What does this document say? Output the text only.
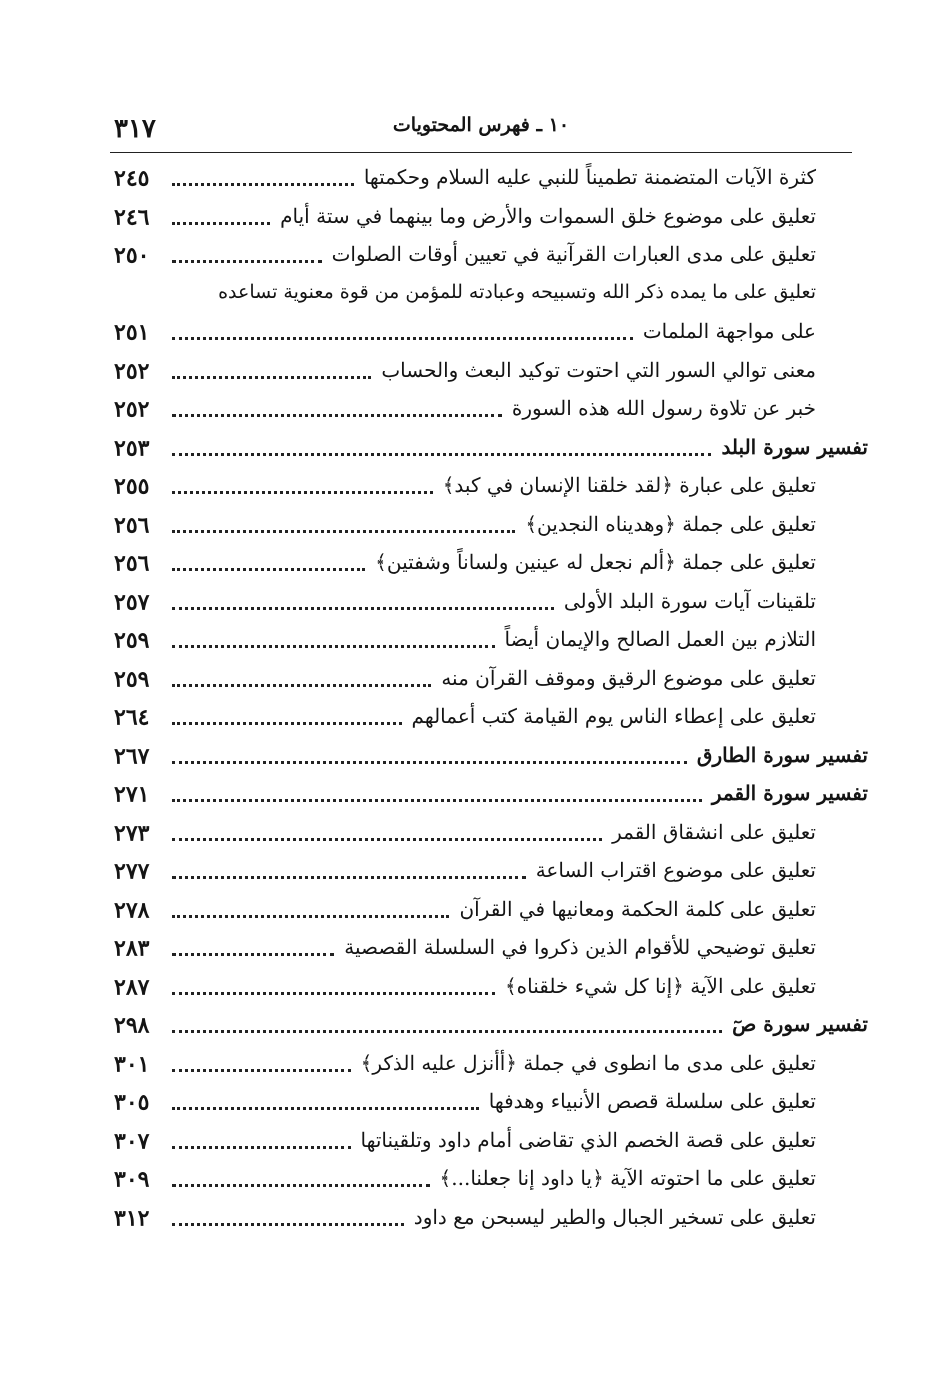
١٠ ـ فهرس المحتويات
٣١٧
كثرة الآيات المتضمنة تطميناً للنبي عليه السلام وحكمتها
٢٤٥
تعليق على موضوع خلق السموات والأرض وما بينهما في ستة أيام
٢٤٦
تعليق على مدى العبارات القرآنية في تعيين أوقات الصلوات
٢٥٠
تعليق على ما يمده ذكر الله وتسبيحه وعبادته للمؤمن من قوة معنوية تساعده
على مواجهة الملمات
٢٥١
معنى توالي السور التي احتوت توكيد البعث والحساب
٢٥٢
خبر عن تلاوة رسول الله هذه السورة
٢٥٢
تفسير سورة البلد
٢٥٣
تعليق على عبارة ﴿لقد خلقنا الإنسان في كبد﴾
٢٥٥
تعليق على جملة ﴿وهديناه النجدين﴾
٢٥٦
تعليق على جملة ﴿ألم نجعل له عينين ولساناً وشفتين﴾
٢٥٦
تلقينات آيات سورة البلد الأولى
٢٥٧
التلازم بين العمل الصالح والإيمان أيضاً
٢٥٩
تعليق على موضوع الرقيق وموقف القرآن منه
٢٥٩
تعليق على إعطاء الناس يوم القيامة كتب أعمالهم
٢٦٤
تفسير سورة الطارق
٢٦٧
تفسير سورة القمر
٢٧١
تعليق على انشقاق القمر
٢٧٣
تعليق على موضوع اقتراب الساعة
٢٧٧
تعليق على كلمة الحكمة ومعانيها في القرآن
٢٧٨
تعليق توضيحي للأقوام الذين ذكروا في السلسلة القصصية
٢٨٣
تعليق على الآية ﴿إنا كل شيء خلقناه﴾
٢٨٧
تفسير سورة صٓ
٢٩٨
تعليق على مدى ما انطوى في جملة ﴿أأنزل عليه الذكر﴾
٣٠١
تعليق على سلسلة قصص الأنبياء وهدفها
٣٠٥
تعليق على قصة الخصم الذي تقاضى أمام داود وتلقيناتها
٣٠٧
تعليق على ما احتوته الآية ﴿يا داود إنا جعلنا...﴾
٣٠٩
تعليق على تسخير الجبال والطير ليسبحن مع داود
٣١٢
